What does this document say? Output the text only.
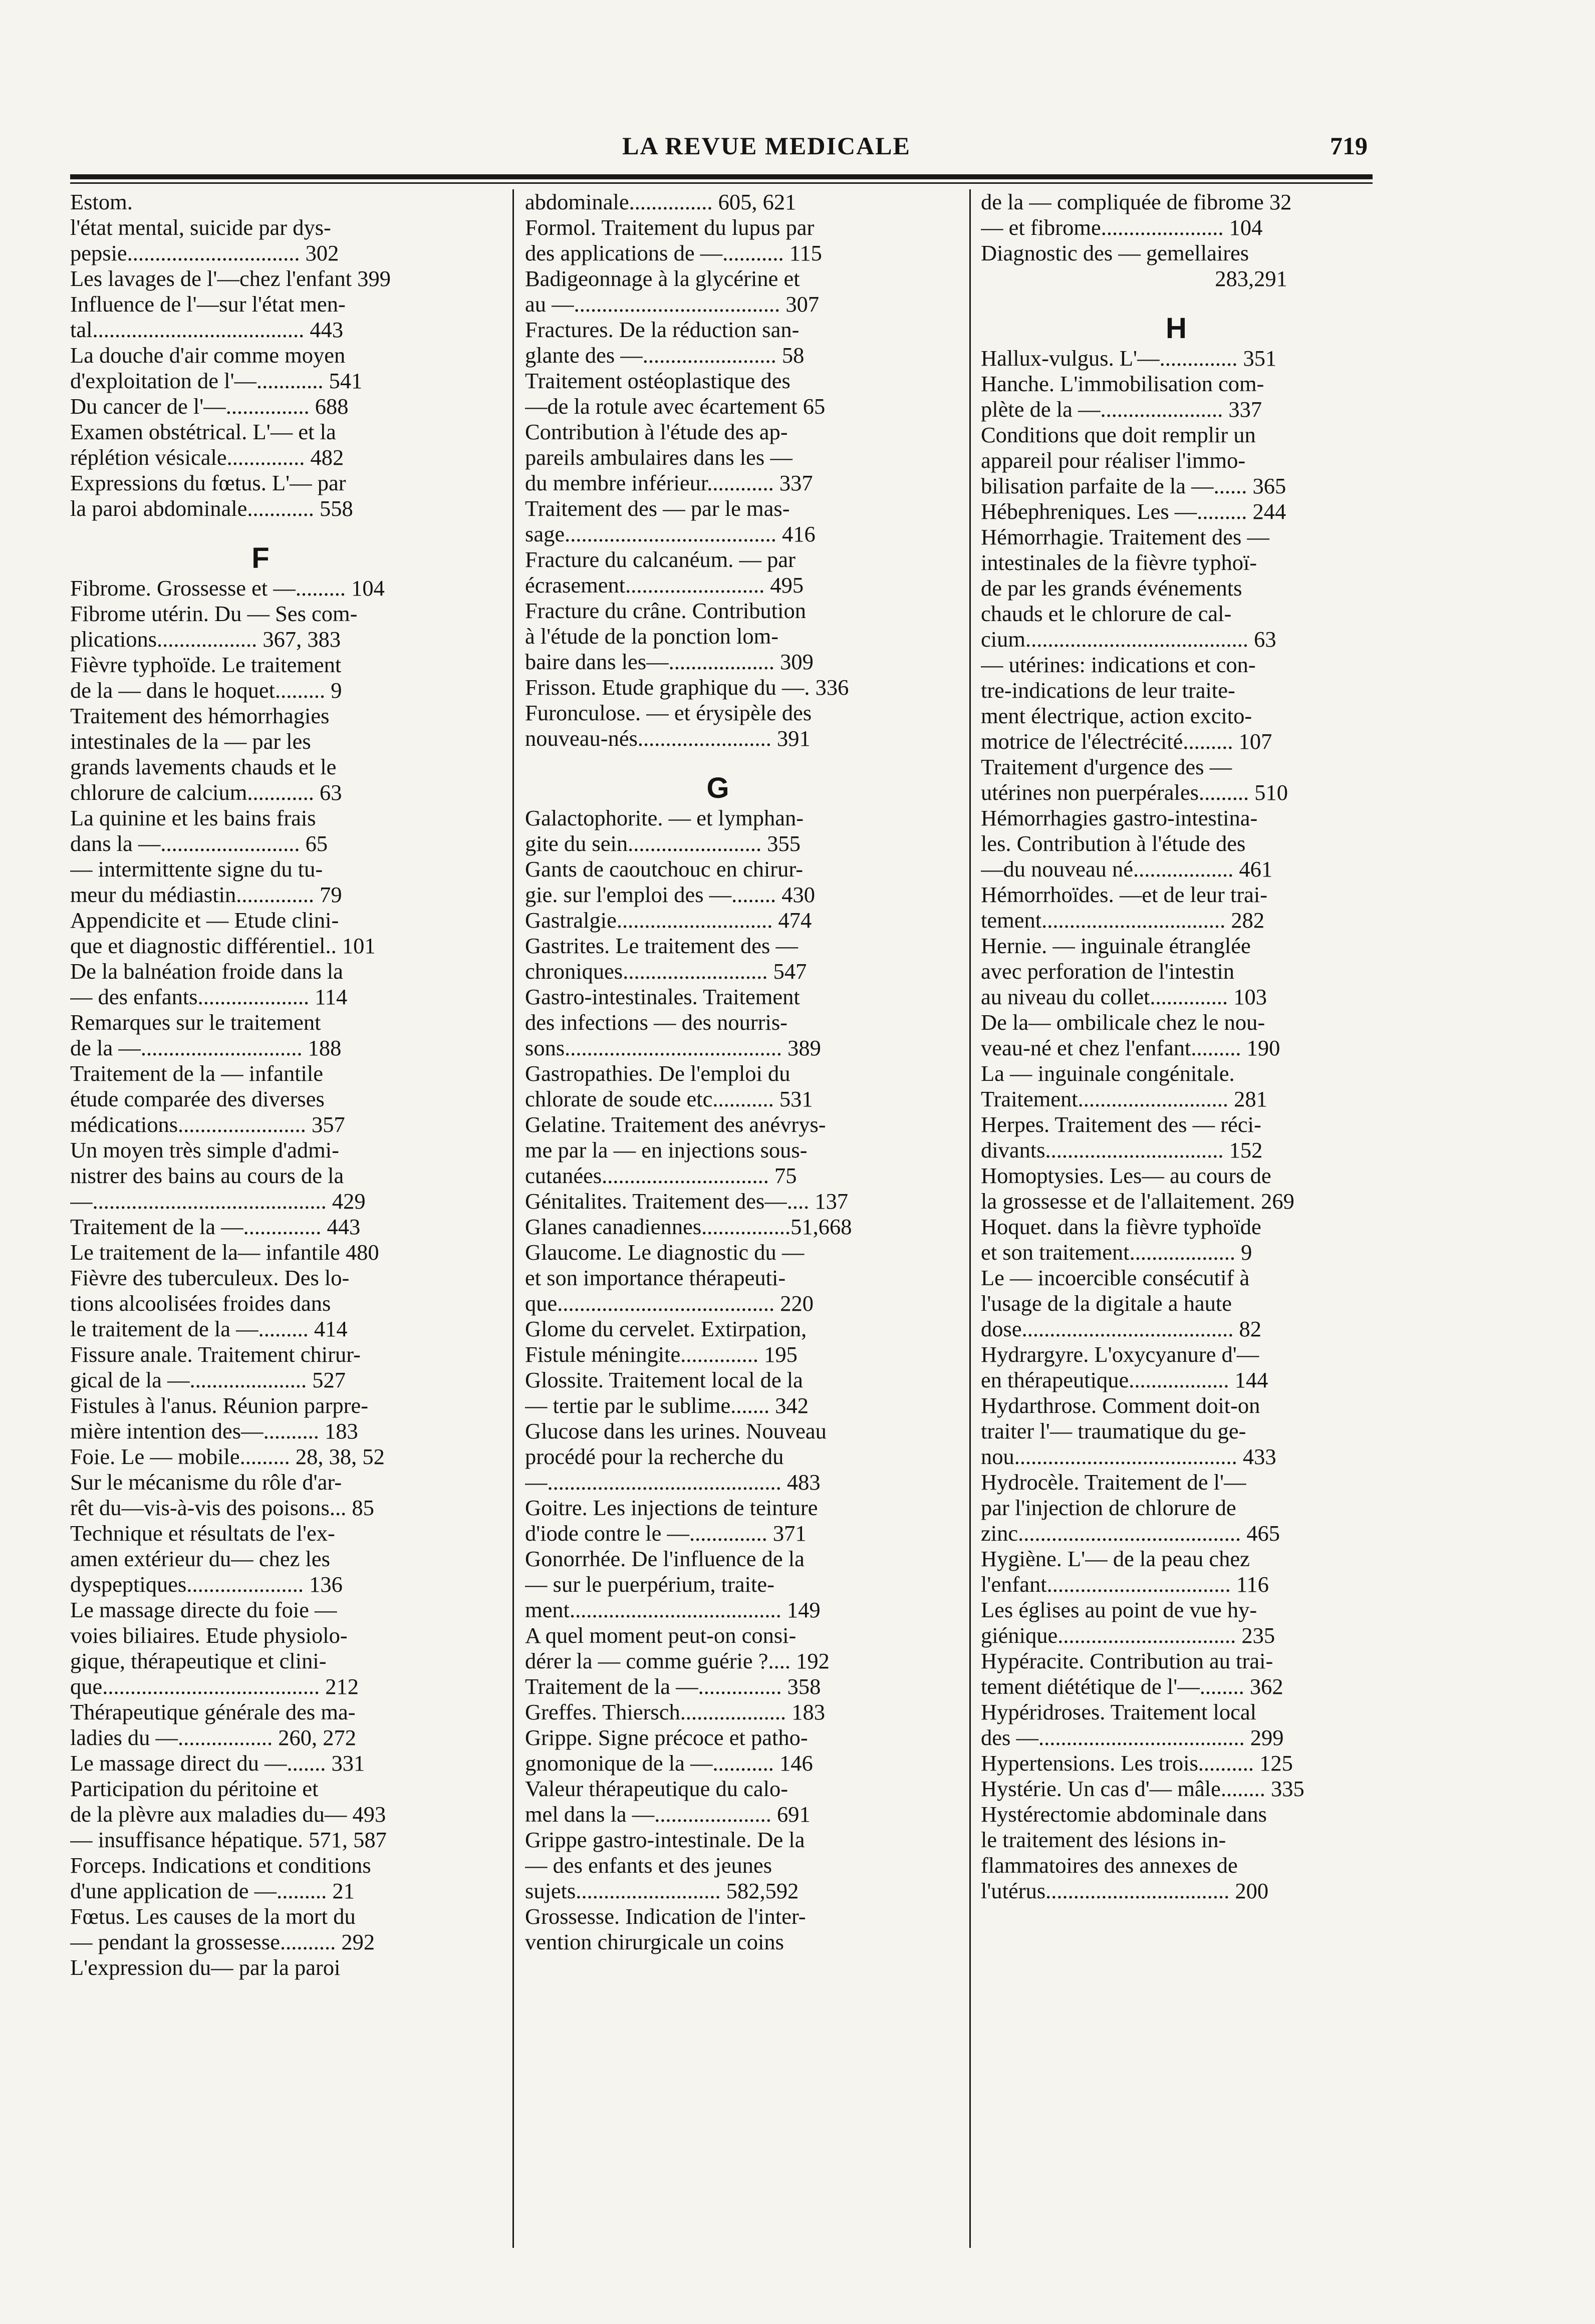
LA REVUE MEDICALE	719
Estom.
l'état mental, suicide par dys-
pepsie............................... 302
Les lavages de l'—chez l'enfant 399
Influence de l'—sur l'état men-
tal...................................... 443
La douche d'air comme moyen
d'exploitation de l'—............ 541
Du cancer de l'—............... 688
Examen obstétrical. L'— et la
réplétion vésicale.............. 482
Expressions du fœtus. L'— par
la paroi abdominale............ 558
F
Fibrome. Grossesse et —......... 104
Fibrome utérin. Du — Ses com-
plications.................. 367, 383
Fièvre typhoïde. Le traitement
de la — dans le hoquet......... 9
Traitement des hémorrhagies
intestinales de la — par les
grands lavements chauds et le
chlorure de calcium............ 63
La quinine et les bains frais
dans la —......................... 65
— intermittente signe du tu-
meur du médiastin.............. 79
Appendicite et — Etude clini-
que et diagnostic différentiel.. 101
De la balnéation froide dans la
— des enfants.................... 114
Remarques sur le traitement
de la —............................. 188
Traitement de la — infantile
étude comparée des diverses
médications....................... 357
Un moyen très simple d'admi-
nistrer des bains au cours de la
—.......................................... 429
Traitement de la —.............. 443
Le traitement de la— infantile 480
Fièvre des tuberculeux. Des lo-
tions alcoolisées froides dans
le traitement de la —......... 414
Fissure anale. Traitement chirur-
gical de la —..................... 527
Fistules à l'anus. Réunion parpre-
mière intention des—.......... 183
Foie. Le — mobile......... 28, 38, 52
Sur le mécanisme du rôle d'ar-
rêt du—vis-à-vis des poisons... 85
Technique et résultats de l'ex-
amen extérieur du— chez les
dyspeptiques..................... 136
Le massage directe du foie —
voies biliaires. Etude physiolo-
gique, thérapeutique et clini-
que....................................... 212
Thérapeutique générale des ma-
ladies du —................. 260, 272
Le massage direct du —....... 331
Participation du péritoine et
de la plèvre aux maladies du— 493
— insuffisance hépatique. 571, 587
Forceps. Indications et conditions
d'une application de —......... 21
Fœtus. Les causes de la mort du
— pendant la grossesse.......... 292
L'expression du— par la paroi
abdominale............... 605, 621
Formol. Traitement du lupus par
des applications de —........... 115
Badigeonnage à la glycérine et
au —..................................... 307
Fractures. De la réduction san-
glante des —........................ 58
Traitement ostéoplastique des
—de la rotule avec écartement 65
Contribution à l'étude des ap-
pareils ambulaires dans les —
du membre inférieur............ 337
Traitement des — par le mas-
sage...................................... 416
Fracture du calcanéum. — par
écrasement......................... 495
Fracture du crâne. Contribution
à l'étude de la ponction lom-
baire dans les—................... 309
Frisson. Etude graphique du —. 336
Furonculose. — et érysipèle des
nouveau-nés........................ 391
G
Galactophorite. — et lymphan-
gite du sein........................ 355
Gants de caoutchouc en chirur-
gie. sur l'emploi des —........ 430
Gastralgie............................ 474
Gastrites. Le traitement des —
chroniques.......................... 547
Gastro-intestinales. Traitement
des infections — des nourris-
sons....................................... 389
Gastropathies. De l'emploi du
chlorate de soude etc........... 531
Gelatine. Traitement des anévrys-
me par la — en injections sous-
cutanées.............................. 75
Génitalites. Traitement des—.... 137
Glanes canadiennes................51,668
Glaucome. Le diagnostic du —
et son importance thérapeuti-
que....................................... 220
Glome du cervelet. Extirpation,
Fistule méningite.............. 195
Glossite. Traitement local de la
— tertie par le sublime....... 342
Glucose dans les urines. Nouveau
procédé pour la recherche du
—.......................................... 483
Goitre. Les injections de teinture
d'iode contre le —.............. 371
Gonorrhée. De l'influence de la
— sur le puerpérium, traite-
ment...................................... 149
A quel moment peut-on consi-
dérer la — comme guérie ?.... 192
Traitement de la —............... 358
Greffes. Thiersch................... 183
Grippe. Signe précoce et patho-
gnomonique de la —........... 146
Valeur thérapeutique du calo-
mel dans la —..................... 691
Grippe gastro-intestinale. De la
— des enfants et des jeunes
sujets.......................... 582,592
Grossesse. Indication de l'inter-
vention chirurgicale un coins
de la — compliquée de fibrome 32
— et fibrome...................... 104
Diagnostic des — gemellaires
283,291
H
Hallux-vulgus. L'—.............. 351
Hanche. L'immobilisation com-
plète de la —...................... 337
Conditions que doit remplir un
appareil pour réaliser l'immo-
bilisation parfaite de la —...... 365
Hébephreniques. Les —......... 244
Hémorrhagie. Traitement des —
intestinales de la fièvre typhoï-
de par les grands événements
chauds et le chlorure de cal-
cium........................................ 63
— utérines: indications et con-
tre-indications de leur traite-
ment électrique, action excito-
motrice de l'électrécité......... 107
Traitement d'urgence des —
utérines non puerpérales......... 510
Hémorrhagies gastro-intestina-
les. Contribution à l'étude des
—du nouveau né.................. 461
Hémorrhoïdes. —et de leur trai-
tement................................. 282
Hernie. — inguinale étranglée
avec perforation de l'intestin
au niveau du collet.............. 103
De la— ombilicale chez le nou-
veau-né et chez l'enfant......... 190
La — inguinale congénitale.
Traitement........................... 281
Herpes. Traitement des — réci-
divants................................ 152
Homoptysies. Les— au cours de
la grossesse et de l'allaitement. 269
Hoquet. dans la fièvre typhoïde
et son traitement................... 9
Le — incoercible consécutif à
l'usage de la digitale a haute
dose...................................... 82
Hydrargyre. L'oxycyanure d'—
en thérapeutique.................. 144
Hydarthrose. Comment doit-on
traiter l'— traumatique du ge-
nou........................................ 433
Hydrocèle. Traitement de l'—
par l'injection de chlorure de
zinc........................................ 465
Hygiène. L'— de la peau chez
l'enfant................................. 116
Les églises au point de vue hy-
giénique................................ 235
Hypéracite. Contribution au trai-
tement diététique de l'—........ 362
Hypéridroses. Traitement local
des —..................................... 299
Hypertensions. Les trois.......... 125
Hystérie. Un cas d'— mâle........ 335
Hystérectomie abdominale dans
le traitement des lésions in-
flammatoires des annexes de
l'utérus................................. 200
